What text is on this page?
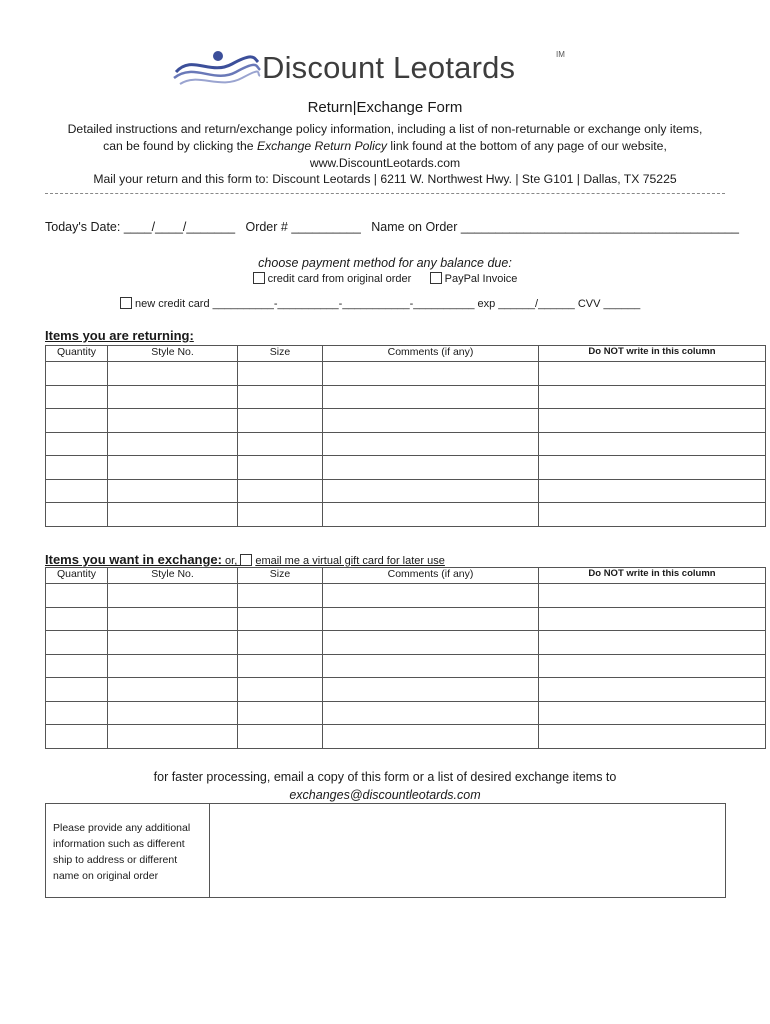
Discount Leotards	IM
Return|Exchange Form
Detailed instructions and return/exchange policy information, including a list of non-returnable or exchange only items,
can be found by clicking the Exchange Return Policy link found at the bottom of any page of our website,
www.DiscountLeotards.com
Mail your return and this form to: Discount Leotards | 6211 W. Northwest Hwy. | Ste G101 | Dallas, TX 75225
Today's Date: ____/____/_______ Order # __________ Name on Order ________________________________________
choose payment method for any balance due:
credit card from original order	PayPal Invoice
new credit card __________-__________-___________-__________ exp ______/______ CVV ______
Items you are returning:
Quantity	Style No.	Size	Comments (if any)	Do NOT write in this column

Items you want in exchange: or, email me a virtual gift card for later use
Quantity	Style No.	Size	Comments (if any)	Do NOT write in this column

for faster processing, email a copy of this form or a list of desired exchange items to
exchanges@discountleotards.com
Please provide any additional
information such as different
ship to address or different
name on original order
